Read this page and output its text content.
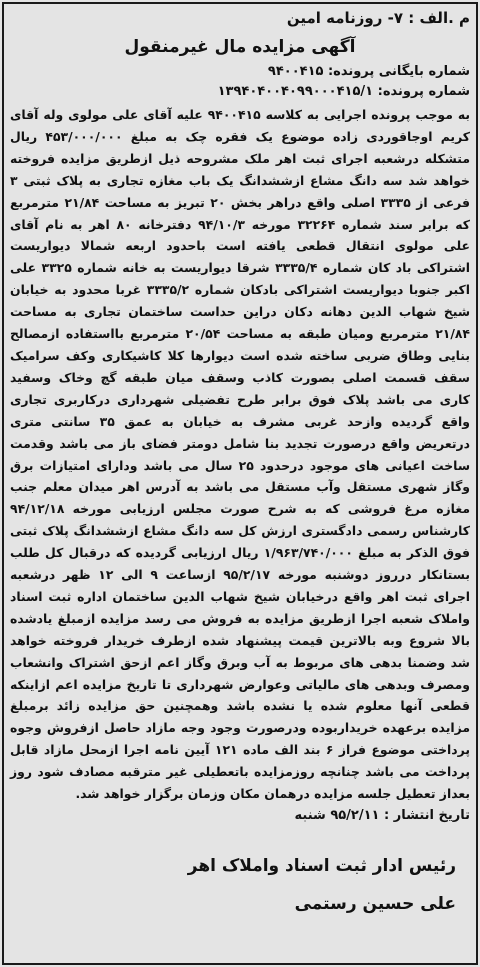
م .الف : ۷- روزنامه امین
آگهی مزایده مال غیرمنقول
شماره بایگانی پرونده: ۹۴۰۰۴۱۵
شماره پرونده: ۱۳۹۴۰۴۰۰۴۰۹۹۰۰۰۴۱۵/۱
به موجب پرونده اجرایی به کلاسه ۹۴۰۰۴۱۵ علیه آقای علی مولوی وله آقای کریم اوجاقوردی زاده موضوع یک فقره چک به مبلغ ۴۵۳/۰۰۰/۰۰۰ ریال متشکله درشعبه اجرای ثبت اهر ملک مشروحه ذیل ازطریق مزایده فروخته خواهد شد سه دانگ مشاع ازششدانگ یک باب مغازه تجاری به پلاک ثبتی ۳ فرعی از ۳۳۳۵ اصلی واقع دراهر بخش ۲۰ تبریز به مساحت ۲۱/۸۴ مترمربع که برابر سند شماره ۳۲۲۶۴ مورخه ۹۴/۱۰/۳ دفترخانه ۸۰ اهر به نام آقای علی مولوی انتقال قطعی یافته است باحدود اربعه شمالا دیواریست اشتراکی باد کان شماره ۳۳۳۵/۴ شرقا دیواریست به خانه شماره ۳۳۲۵ علی اکبر جنوبا دیواریست اشتراکی بادکان شماره ۳۳۳۵/۲ غربا محدود به خیابان شیخ شهاب الدین دهانه دکان دراین حداست ساختمان تجاری به مساحت ۲۱/۸۴ مترمربع ومیان طبقه به مساحت ۲۰/۵۴ مترمربع بااستفاده ازمصالح بنایی وطاق ضربی ساخته شده است دیوارها کلا کاشیکاری وکف سرامیک سقف قسمت اصلی بصورت کاذب وسقف میان طبقه گچ وخاک وسفید کاری می باشد پلاک فوق برابر طرح تفضیلی شهرداری درکاربری تجاری واقع گردیده وازحد غربی مشرف به خیابان به عمق ۳۵ سانتی متری درتعریض واقع درصورت تجدید بنا شامل دومتر فضای باز می باشد وقدمت ساخت اعیانی های موجود درحدود ۲۵ سال می باشد ودارای امتیازات برق وگاز شهری مستقل وآب مستقل می باشد به آدرس اهر میدان معلم جنب مغازه مرغ فروشی که به شرح صورت مجلس ارزیابی مورخه ۹۴/۱۲/۱۸ کارشناس رسمی دادگستری ارزش کل سه دانگ مشاع ازششدانگ پلاک ثبتی فوق الذکر به مبلغ ۱/۹۶۳/۷۴۰/۰۰۰ ریال ارزیابی گردیده که درقبال کل طلب بستانکار درروز دوشنبه مورخه ۹۵/۲/۱۷ ازساعت ۹ الی ۱۲ ظهر درشعبه اجرای ثبت اهر واقع درخیابان شیخ شهاب الدین ساختمان اداره ثبت اسناد واملاک شعبه اجرا ازطریق مزایده به فروش می رسد مزایده ازمبلغ یادشده بالا شروع وبه بالاترین قیمت پیشنهاد شده ازطرف خریدار فروخته خواهد شد وضمنا بدهی های مربوط به آب وبرق وگاز اعم ازحق اشتراک وانشعاب ومصرف وبدهی های مالیاتی وعوارض شهرداری تا تاریخ مزایده اعم ازاینکه قطعی آنها معلوم شده یا نشده باشد وهمچنین حق مزایده زائد برمبلغ مزایده برعهده خریداربوده ودرصورت وجود وجه مازاد حاصل ازفروش وجوه پرداختی موضوع فراز ۶ بند الف ماده ۱۲۱ آیین نامه اجرا ازمحل مازاد قابل پرداخت می باشد چنانچه روزمزایده باتعطیلی غیر مترقبه مصادف شود روز بعداز تعطیل جلسه مزایده درهمان مکان وزمان برگزار خواهد شد.
تاریخ انتشار : ۹۵/۲/۱۱ شنبه
رئیس ادار ثبت اسناد واملاک اهر
علی حسین رستمی
